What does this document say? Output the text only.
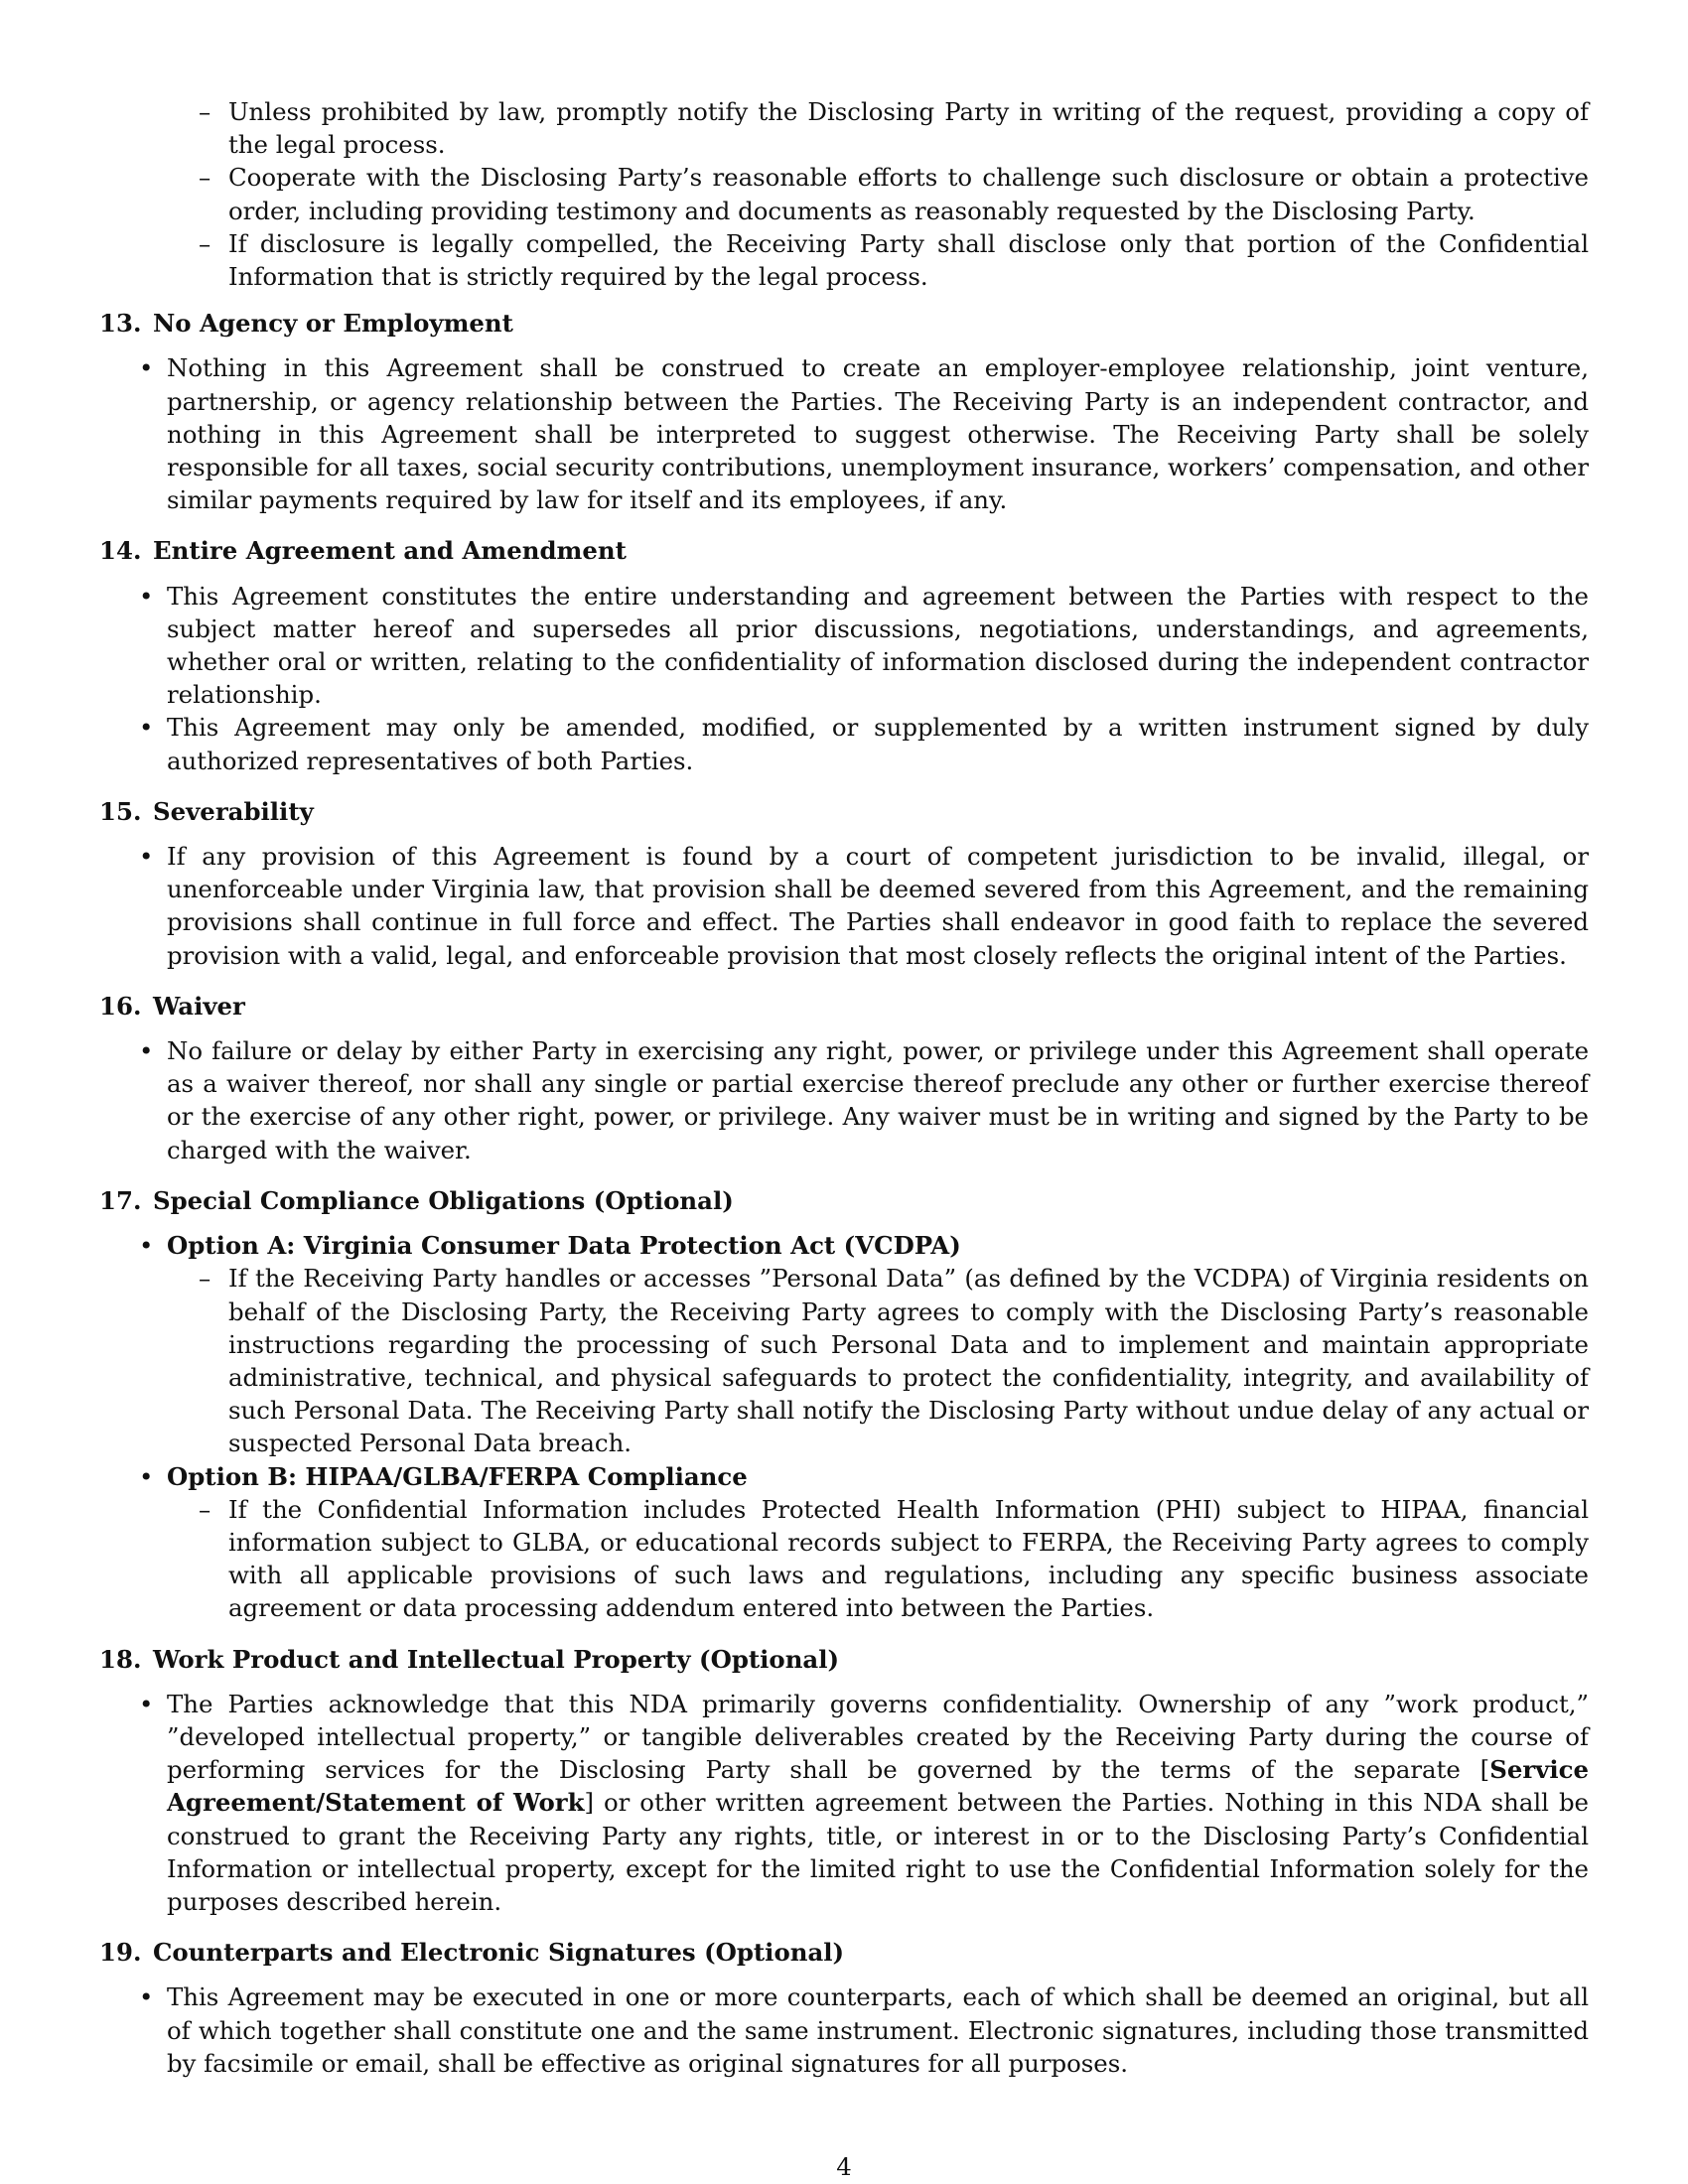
– Unless prohibited by law, promptly notify the Disclosing Party in writing of the request, providing a copy of the legal process.
– Cooperate with the Disclosing Party’s reasonable efforts to challenge such disclosure or obtain a protective order, including providing testimony and documents as reasonably requested by the Disclosing Party.
– If disclosure is legally compelled, the Receiving Party shall disclose only that portion of the Confidential Information that is strictly required by the legal process.

13. No Agency or Employment

• Nothing in this Agreement shall be construed to create an employer-employee relationship, joint venture, partnership, or agency relationship between the Parties. The Receiving Party is an independent contractor, and nothing in this Agreement shall be interpreted to suggest otherwise. The Receiving Party shall be solely responsible for all taxes, social security contributions, unemployment insurance, workers’ compensation, and other similar payments required by law for itself and its employees, if any.

14. Entire Agreement and Amendment

• This Agreement constitutes the entire understanding and agreement between the Parties with respect to the subject matter hereof and supersedes all prior discussions, negotiations, understandings, and agreements, whether oral or written, relating to the confidentiality of information disclosed during the independent contractor relationship.
• This Agreement may only be amended, modified, or supplemented by a written instrument signed by duly authorized representatives of both Parties.

15. Severability

• If any provision of this Agreement is found by a court of competent jurisdiction to be invalid, illegal, or unenforceable under Virginia law, that provision shall be deemed severed from this Agreement, and the remaining provisions shall continue in full force and effect. The Parties shall endeavor in good faith to replace the severed provision with a valid, legal, and enforceable provision that most closely reflects the original intent of the Parties.

16. Waiver

• No failure or delay by either Party in exercising any right, power, or privilege under this Agreement shall operate as a waiver thereof, nor shall any single or partial exercise thereof preclude any other or further exercise thereof or the exercise of any other right, power, or privilege. Any waiver must be in writing and signed by the Party to be charged with the waiver.

17. Special Compliance Obligations (Optional)

• Option A: Virginia Consumer Data Protection Act (VCDPA)
– If the Receiving Party handles or accesses ”Personal Data” (as defined by the VCDPA) of Virginia residents on behalf of the Disclosing Party, the Receiving Party agrees to comply with the Disclosing Party’s reasonable instructions regarding the processing of such Personal Data and to implement and maintain appropriate administrative, technical, and physical safeguards to protect the confidentiality, integrity, and availability of such Personal Data. The Receiving Party shall notify the Disclosing Party without undue delay of any actual or suspected Personal Data breach.
• Option B: HIPAA/GLBA/FERPA Compliance
– If the Confidential Information includes Protected Health Information (PHI) subject to HIPAA, financial information subject to GLBA, or educational records subject to FERPA, the Receiving Party agrees to comply with all applicable provisions of such laws and regulations, including any specific business associate agreement or data processing addendum entered into between the Parties.

18. Work Product and Intellectual Property (Optional)

• The Parties acknowledge that this NDA primarily governs confidentiality. Ownership of any ”work product,” ”developed intellectual property,” or tangible deliverables created by the Receiving Party during the course of performing services for the Disclosing Party shall be governed by the terms of the separate [Service Agreement/Statement of Work] or other written agreement between the Parties. Nothing in this NDA shall be construed to grant the Receiving Party any rights, title, or interest in or to the Disclosing Party’s Confidential Information or intellectual property, except for the limited right to use the Confidential Information solely for the purposes described herein.

19. Counterparts and Electronic Signatures (Optional)

• This Agreement may be executed in one or more counterparts, each of which shall be deemed an original, but all of which together shall constitute one and the same instrument. Electronic signatures, including those transmitted by facsimile or email, shall be effective as original signatures for all purposes.
4
